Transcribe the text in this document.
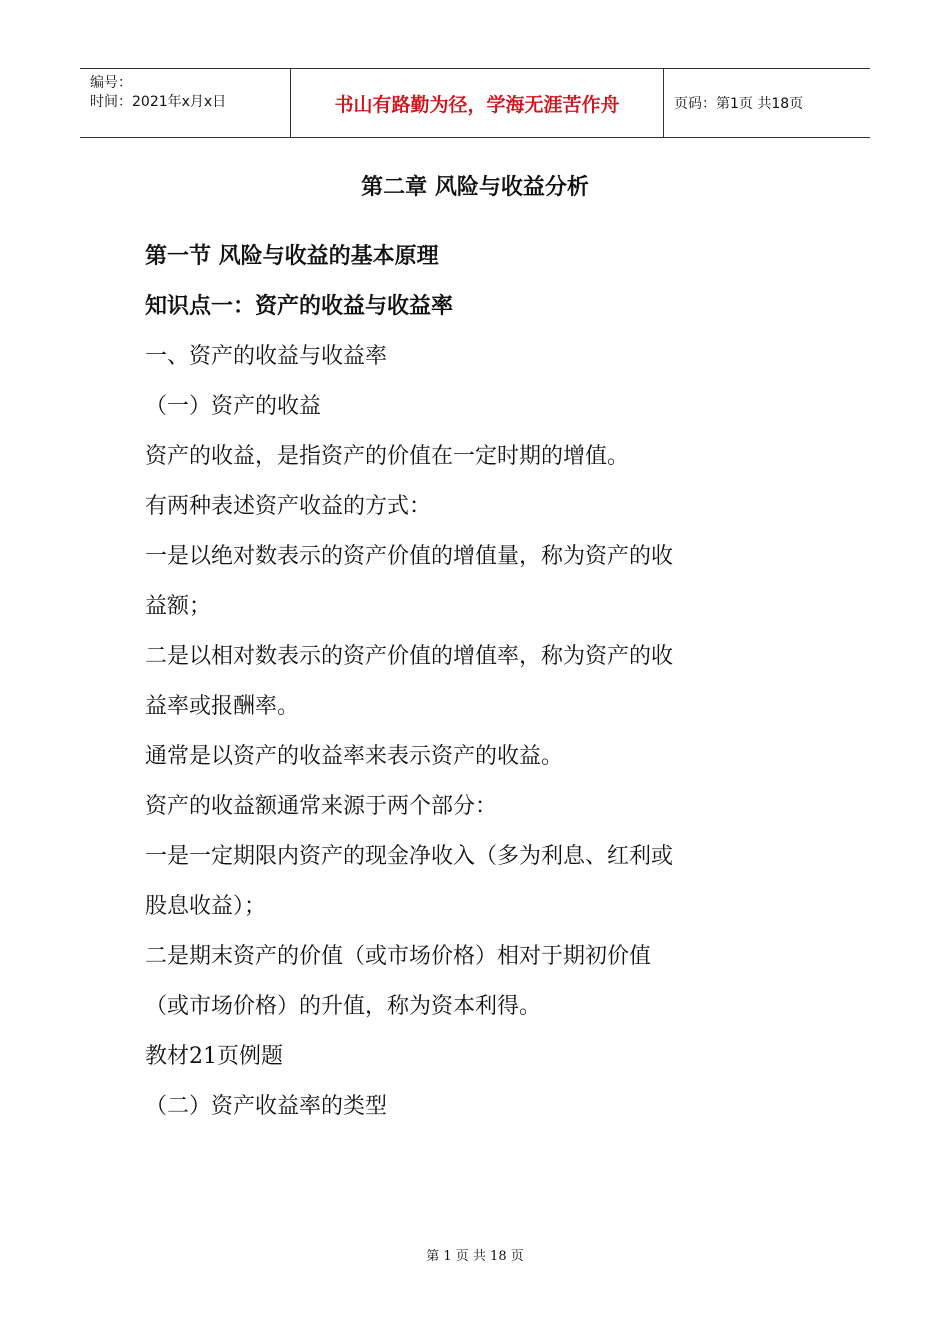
编号：
时间：2021年x月x日	书山有路勤为径，学海无涯苦作舟	页码：第1页 共18页
第二章 风险与收益分析
第一节 风险与收益的基本原理
知识点一：资产的收益与收益率
一、资产的收益与收益率
（一）资产的收益
资产的收益，是指资产的价值在一定时期的增值。
有两种表述资产收益的方式：
一是以绝对数表示的资产价值的增值量，称为资产的收
益额；
二是以相对数表示的资产价值的增值率，称为资产的收
益率或报酬率。
通常是以资产的收益率来表示资产的收益。
资产的收益额通常来源于两个部分：
一是一定期限内资产的现金净收入（多为利息、红利或
股息收益）；
二是期末资产的价值（或市场价格）相对于期初价值
（或市场价格）的升值，称为资本利得。
教材21页例题
（二）资产收益率的类型
第 1 页 共 18 页
